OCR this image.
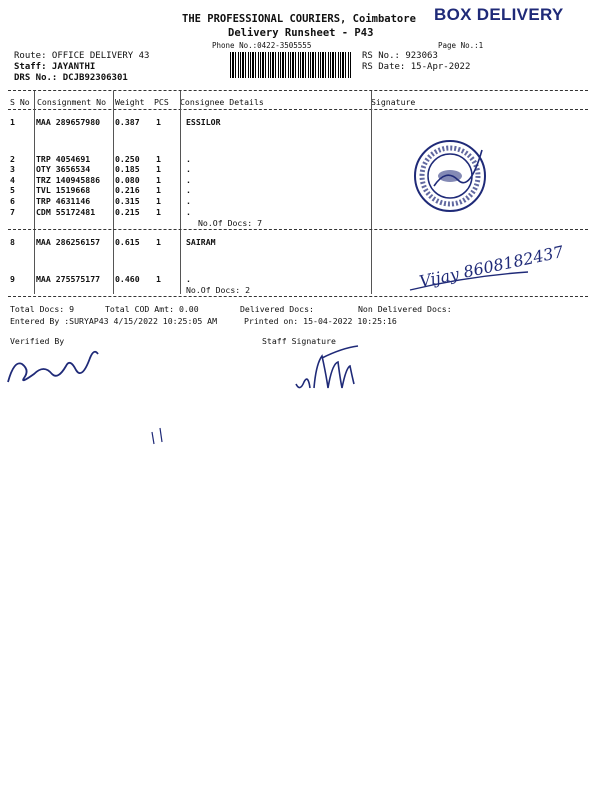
THE PROFESSIONAL COURIERS, Coimbatore BOX DELIVERY
Delivery Runsheet - P43
Phone No.:0422-3505555	Page No.:1
Route: OFFICE DELIVERY 43
Staff: JAYANTHI
DRS No.: DCJB92306301
RS No.: 923063
RS Date: 15-Apr-2022
S No Consignment No Weight PCS Consignee Details	Signature
1	MAA 289657980 0.387 1	ESSILOR
2	TRP 4054691	0.250 1	.
3	OTY 3656534	0.185 1	.
4	TRZ 140945886 0.080 1	.
5	TVL 1519668	0.216 1	.
6	TRP 4631146	0.315 1	.
7	CDM 55172481 0.215 1	.
No.Of Docs: 7
8	MAA 286256157 0.615 1	SAIRAM
9	MAA 275575177 0.460 1	.
No.Of Docs: 2
Total Docs: 9	Total COD Amt: 0.00	Delivered Docs:	Non Delivered Docs:
Entered By :SURYAP43 4/15/2022 10:25:05 AM	Printed on: 15-04-2022 10:25:16
Verified By	Staff Signature
Vijay 8608182437
